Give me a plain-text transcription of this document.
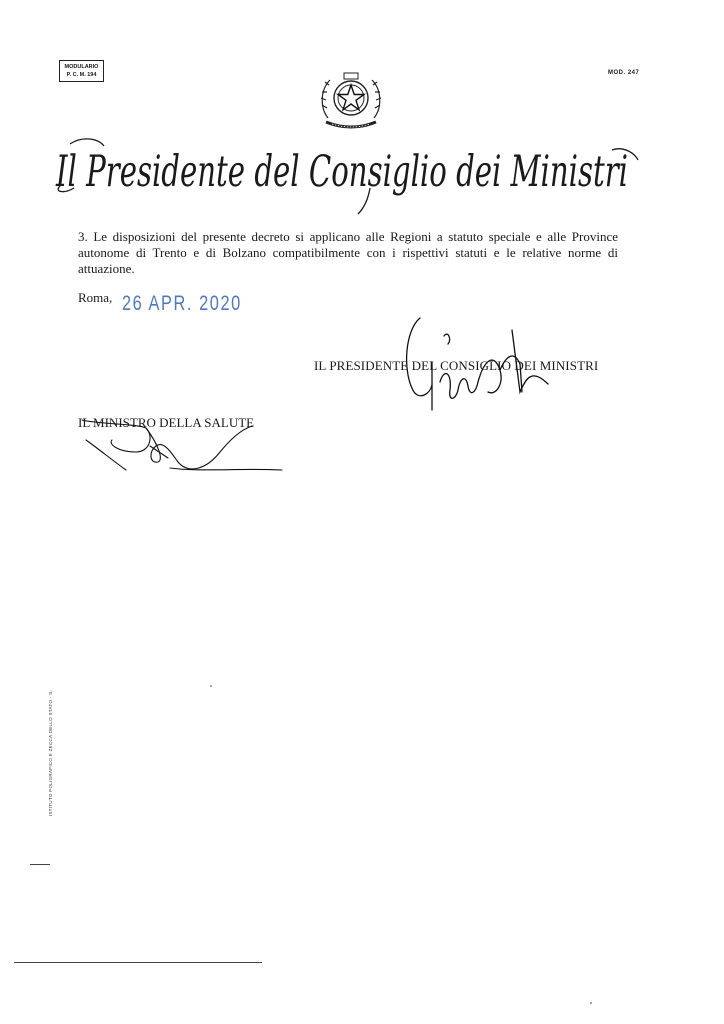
MODULARIO
P. C. M. 194	MOD. 247
Il Presidente del Consiglio dei Ministri
3. Le disposizioni del presente decreto si applicano alle Regioni a statuto speciale e alle Province autonome di Trento e di Bolzano compatibilmente con i rispettivi statuti e le relative norme di attuazione.
Roma, 26 APR. 2020
IL PRESIDENTE DEL CONSIGLIO DEI MINISTRI
IL MINISTRO DELLA SALUTE
ISTITUTO POLIGRAFICO E ZECCA DELLO STATO - S.
